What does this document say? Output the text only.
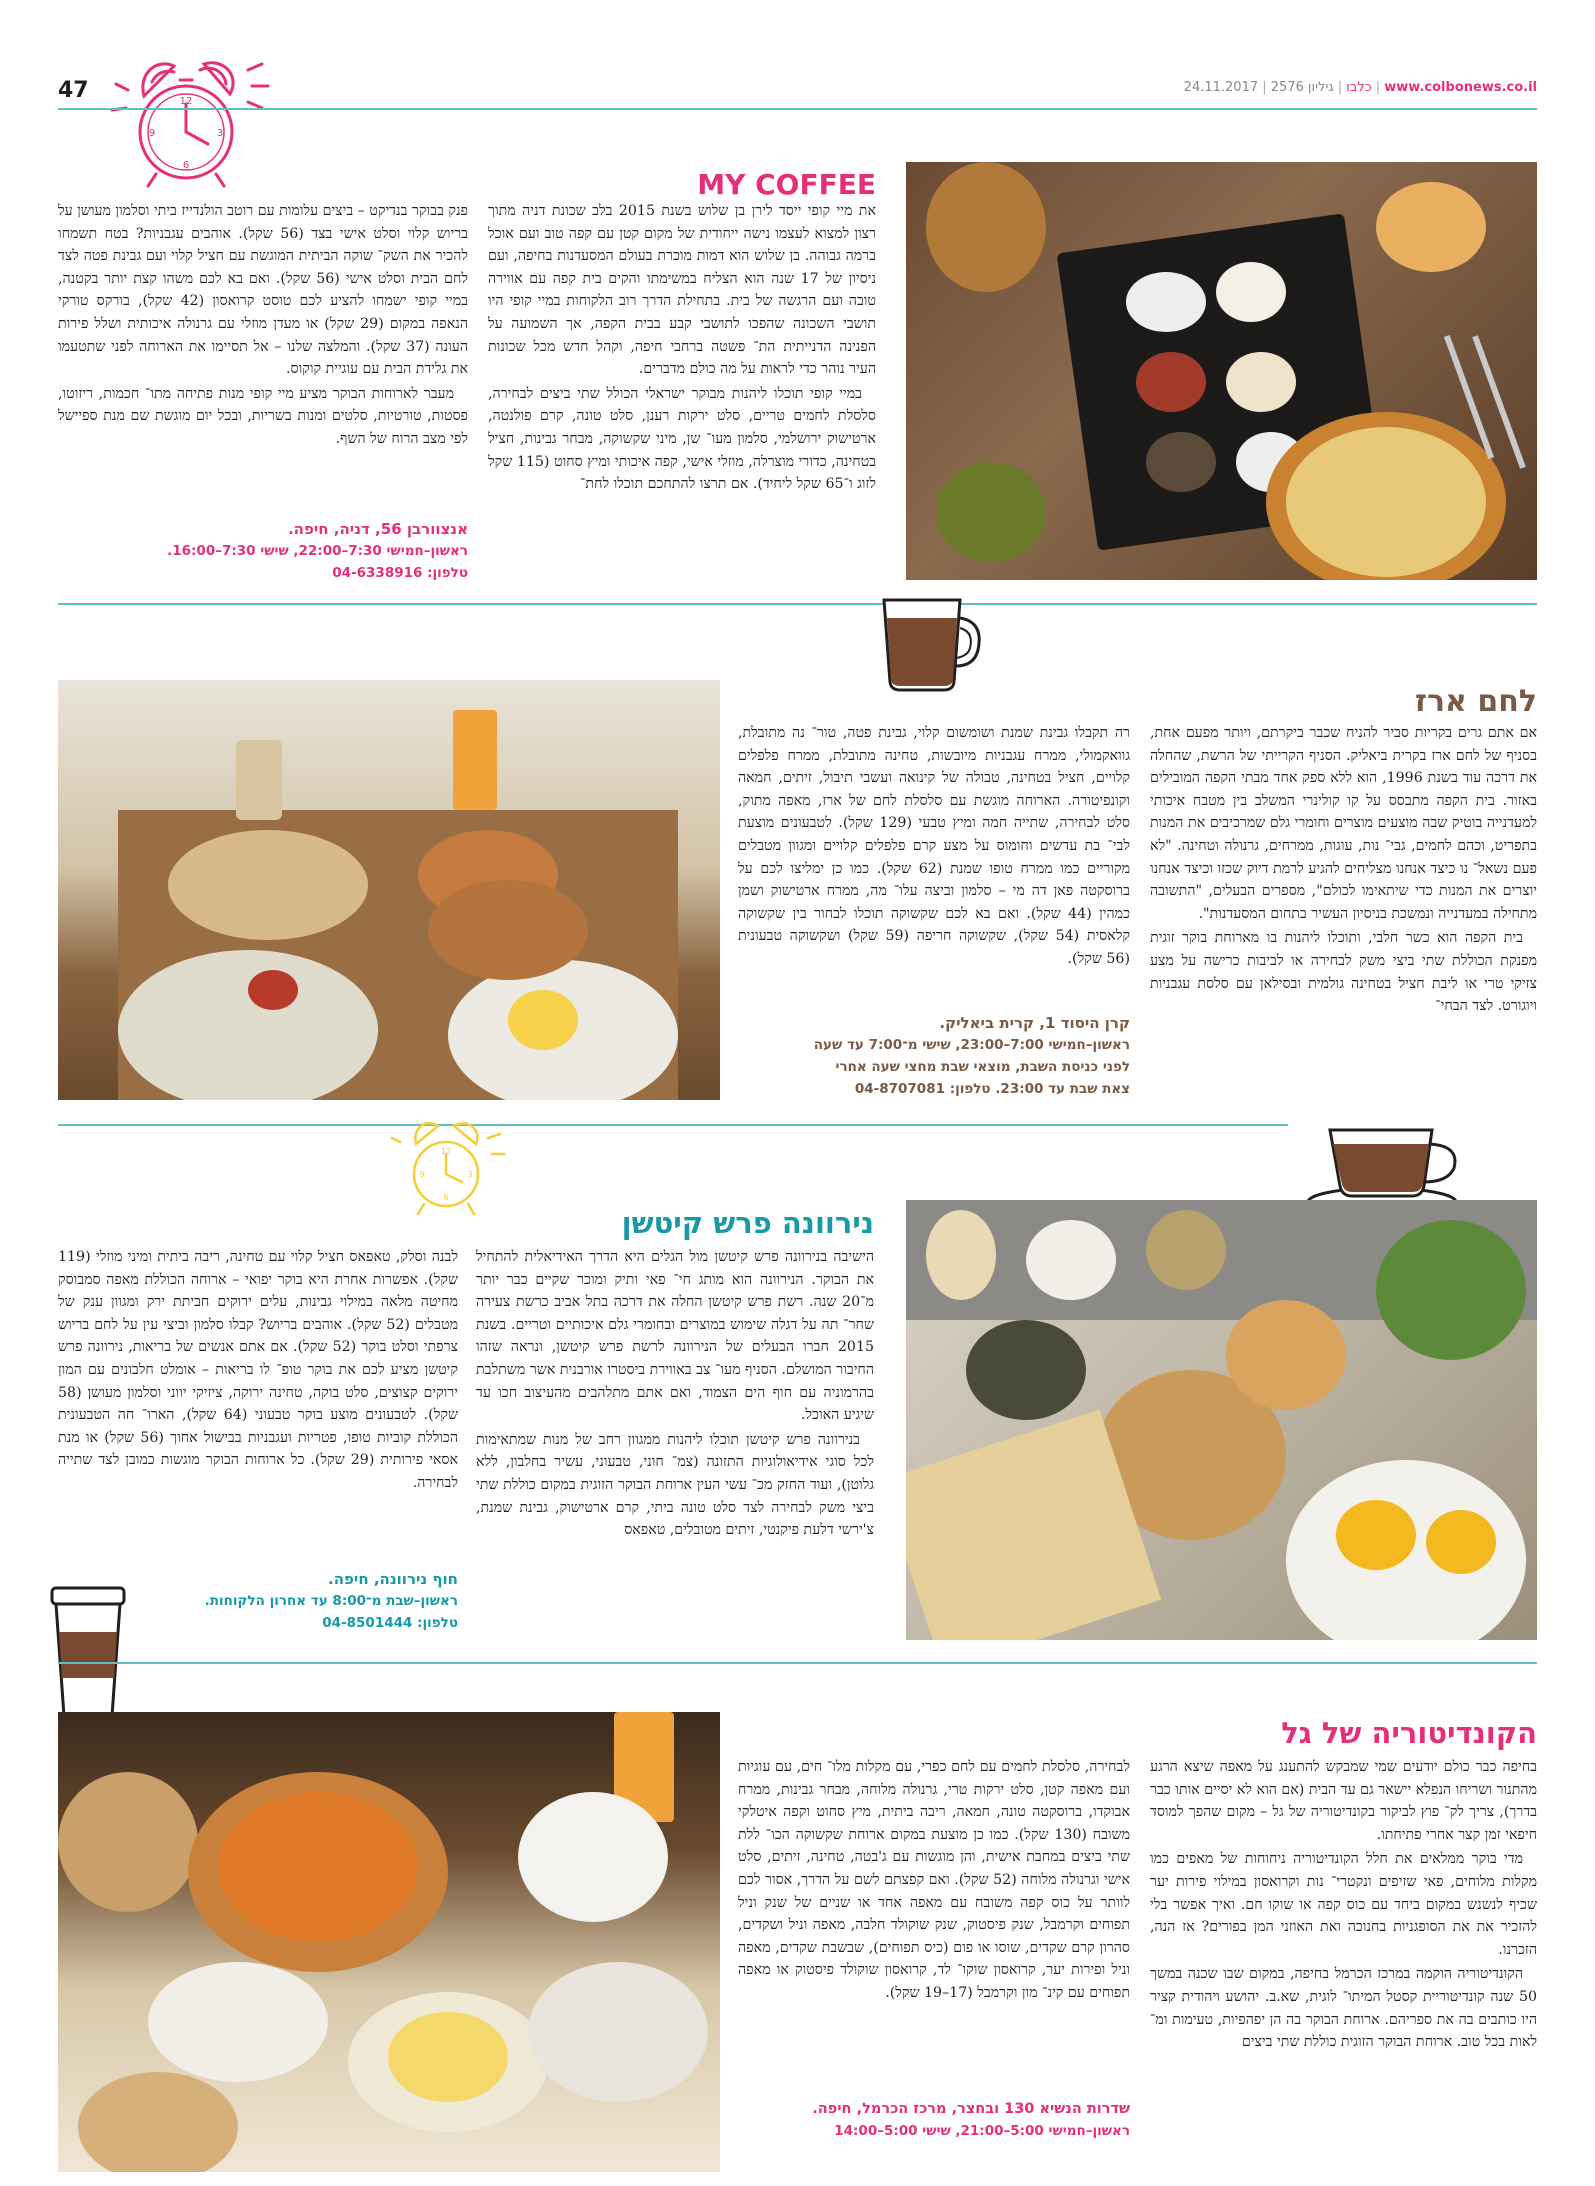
47	12
3
6
9
www.colbonews.co.il | כלבו | גיליון 2576 | 24.11.2017
MY COFFEE

את מיי קופי ייסד לירן בן שלוש בשנת 2015 בלב שכונת דניה מתוך רצון למצוא לעצמו נישה ייחודית של מקום קטן עם קפה טוב ועם אוכל ברמה גבוהה. בן שלוש הוא דמות מוכרת בעולם המסעדנות בחיפה, ועם ניסיון של 17 שנה הוא הצליח במשימתו והקים בית קפה עם אווירה טובה ועם הרגשה של בית. בתחילת הדרך רוב הלקוחות במיי קופי היו תושבי השכונה שהפכו לתושבי קבע בבית הקפה, אך השמועה על הפנינה הדנייתית הת־ פשטה ברחבי חיפה, וקהל חדש מכל שכונות העיר נוהר כדי לראות על מה כולם מדברים.

במיי קופי תוכלו ליהנות מבוקר ישראלי הכולל שתי ביצים לבחירה, סלסלת לחמים טריים, סלט ירקות רענן, סלט טונה, קרם פולנטה, ארטישוק ירושלמי, סלמון מעו־ שן, מיני שקשוקה, מבחר גבינות, חציל בטחינה, כדורי מוצרלה, מוזלי אישי, קפה איכותי ומיץ סחוט (115 שקל לזוג ו־65 שקל ליחיד). אם תרצו להתחכם תוכלו לחת־

פנק בבוקר בנדיקט – ביצים עלומות עם רוטב הולנדייז ביתי וסלמון מעושן על בריוש קלוי וסלט אישי בצד (56 שקל). אוהבים עגבניות? בטח תשמחו להכיר את השק־ שוקה הביתית המוגשת עם חציל קלוי ועם גבינת פטה לצד לחם הבית וסלט אישי (56 שקל). ואם בא לכם משהו קצת יותר בקטנה, במיי קופי ישמחו להציע לכם טוסט קרואסון (42 שקל), בורקס טורקי הנאפה במקום (29 שקל) או מעדן מוזלי עם גרנולה איכותית ושלל פירות העונה (37 שקל). והמלצה שלנו – אל תסיימו את הארוחה לפני שתטעמו את גלידת הבית עם עוגיית קוקוס.

מעבר לארוחות הבוקר מציע מיי קופי מנות פתיחה מתו־ חכמות, ריזוטו, פסטות, טורטיות, סלטים ומנות בשריות, ובכל יום מוגשת שם מנת ספיישל לפי מצב הרוח של השף.

אנצוורבן 56, דניה, חיפה.
ראשון–חמישי 7:30–22:00, שישי 7:30–16:00.
טלפון: 04-6338916
לחם ארז

אם אתם גרים בקריות סביר להניח שכבר ביקרתם, ויותר מפעם אחת, בסניף של לחם ארז בקרית ביאליק. הסניף הקרייתי של הרשת, שהחלה את דרכה עוד בשנת 1996, הוא ללא ספק אחד מבתי הקפה המובילים באזור. בית הקפה מתבסס על קו קולינרי המשלב בין מטבח איכותי למעדנייה בוטיק שבה מוצעים מוצרים וחומרי גלם שמרכיבים את המנות בתפריט, וכהם לחמים, גבי־ נות, עוגות, ממרחים, גרנולה וטחינה. "לא פעם נשאל־ נו כיצד אנחנו מצליחים להגיע לרמת דיוק שכזו וכיצד אנחנו יוצרים את המנות כדי שיתאימו לכולם", מספרים הבעלים, "התשובה מתחילה במעדנייה ונמשכת בניסיון העשיר בתחום המסעדנות".

בית הקפה הוא כשר חלבי, ותוכלו ליהנות בו מארוחת בוקר זוגית מפנקת הכוללת שתי ביצי משק לבחירה או לביבות כרישה על מצע צזיקי טרי או ליבת חציל בטחינה גולמית ובסילאן עם סלסת עגבניות ויוגורט. לצד הבחי־

רה תקבלו גבינת שמנת ושומשום קלוי, גבינת פטה, טור־ נה מתובלת, גוואקמולי, ממרח עגבניות מיובשות, טחינה מתובלת, ממרח פלפלים קלויים, חציל בטחינה, טבולה של קינואה ועשבי תיבול, זיתים, חמאה וקונפיטורה. הארוחה מוגשת עם סלסלת לחם של ארז, מאפה מתוק, סלט לבחירה, שתייה חמה ומיץ טבעי (129 שקל). לטבעונים מוצעת לבי־ בת עדשים וחומוס על מצע קרם פלפלים קלויים ומגוון מטבלים מקוריים כמו ממרח טופו שמנת (62 שקל). כמו כן ימליצו לכם על ברוסקטה פאן דה מי – סלמון וביצה עלו־ מה, ממרח ארטישוק ושמן כמהין (44 שקל). ואם בא לכם שקשוקה תוכלו לבחור בין שקשוקה קלאסית (54 שקל), שקשוקה חריפה (59 שקל) ושקשוקה טבעונית (56 שקל).

קרן היסוד 1, קרית ביאליק.
ראשון–חמישי 7:00–23:00, שישי מ־7:00 עד שעה
לפני כניסת השבת, מוצאי שבת מחצי שעה אחרי
צאת שבת עד 23:00. טלפון: 04-8707081
12
3
6
9
נירוונה פרש קיטשן

הישיבה בנירוונה פרש קיטשן מול הגלים היא הדרך האידיאלית להתחיל את הבוקר. הנירוונה הוא מותג חי־ פאי ותיק ומוכר שקיים כבר יותר מ־20 שנה. רשת פרש קיטשן החלה את דרכה בתל אביב כרשת צעירה שחר־ תה על דגלה שימוש במוצרים ובחומרי גלם איכותיים וטריים. בשנת 2015 חברו הבעלים של הנירוונה לרשת פרש קיטשן, ונראה שזהו החיבור המושלם. הסניף מעו־ צב באווירת ביסטרו אורבנית אשר משתלבת בהרמוניה עם חוף הים הצמוד, ואם אתם מתלהבים מהעיצוב חכו עד שיגיע האוכל.

בנירוונה פרש קיטשן תוכלו ליהנות ממגוון רחב של מנות שמתאימות לכל סוגי אידיאולוגיות התזונה (צמ־ חוני, טבעוני, עשיר בחלבון, ללא גלוטן), ועוד החזק מכ־ עשי העין ארוחת הבוקר הזוגית במקום כוללת שתי ביצי משק לבחירה לצד סלט טונה ביתי, קרם ארטישוק, גבינת שמנת, צ'ירשי דלעת פיקנטי, זיתים מטובלים, טאפאס

לבנה וסלק, טאפאס חציל קלוי עם טחינה, ריבה ביתית ומיני מוזלי (119 שקל). אפשרות אחרת היא בוקר יפואי – ארוחה הכוללת מאפה סמבוסק מחיטה מלאה במילוי גבינות, עלים ירוקים חביתת ירק ומגוון ענק של מטבלים (52 שקל). אוהבים בריוש? קבלו סלמון וביצי עין על לחם בריוש צרפתי וסלט בוקר (52 שקל). אם אתם אנשים של בריאות, נירוונה פרש קיטשן מציע לכם את בוקר טופ־ לו בריאות – אומלט חלבונים עם המון ירוקים קצוצים, סלט בוקה, טחינה ירוקה, ציזיקי יווני וסלמון מעושן (58 שקל). לטבעונים מוצע בוקר טבעוני (64 שקל), הארו־ חה הטבעונית הכוללת קוביות טופו, פטריות ועגבניות בבישול אחוך (56 שקל) או מנת אסאי פירותית (29 שקל). כל ארוחות הבוקר מוגשות כמובן לצד שתייה לבחירה.

חוף נירוונה, חיפה.
ראשון–שבת מ־8:00 עד אחרון הלקוחות.
טלפון: 04-8501444
הקונדיטוריה של גל

בחיפה כבר כולם יודעים שמי שמבקש להתענג על מאפה שיצא הרגע מהתנור ושריחו הנפלא יישאר גם עד הבית (אם הוא לא יסיים אותו כבר בדרך), צריך לק־ פוץ לביקור בקונדיטוריה של גל – מקום שהפך למוסד חיפאי זמן קצר אחרי פתיחתו.

מדי בוקר ממלאים את חלל הקונדיטוריה ניחוחות של מאפים כמו מקלות מלוחים, פאי שזיפים ונקטרי־ נות וקרואסון במילוי פירות יער שכיף לנשנש במקום ביחד עם כוס קפה או שוקו חם. ואיך אפשר בלי להזכיר את את הסופגניות בחנוכה ואת האוזני המן בפורים? אז הנה, הזכרנו.

הקונדיטוריה הוקמה במרכז הכרמל בחיפה, במקום שבו שכנה במשך 50 שנה קונדיטוריית קסטל המיתו־ לוגית, שא.ב. יהושע ויהודית קציר היו כותבים בה את ספריהם. ארוחת הבוקר בה הן יפהפיות, טעימות ומ־ לאות בכל טוב. ארוחת הבוקר הזוגית כוללת שתי ביצים

לבחירה, סלסלת לחמים עם לחם כפרי, עם מקלות מלו־ חים, עם עוגיות ועם מאפה קטן, סלט ירקות טרי, גרנולה מלוחה, מבחר גבינות, ממרח אבוקדו, ברוסקטה טונה, חמאה, ריבה ביתית, מיץ סחוט וקפה איטלקי משובח (130 שקל). כמו כן מוצעת במקום ארוחת שקשוקה הכו־ ללת שתי ביצים במחבת אישית, והן מוגשות עם ג'בטה, טחינה, זיתים, סלט אישי וגרנולה מלוחה (52 שקל). ואם קפצתם לשם על הדרך, אסור לכם לוותר על כוס קפה משובח עם מאפה אחד או שניים של שנק וניל תפוחים וקרמבל, שנק פיסטוק, שנק שוקולד חלבה, מאפה וניל ושקדים, סהרון קרם שקדים, שוסו או פום (כיס תפוחים), שבשבת שקדים, מאפה וניל ופירות יער, קרואסון שוקו־ לד, קרואסון שוקולד פיסטוק או מאפה תפוחים עם קינ־ מון וקרמבל (17–19 שקל).

שדרות הנשיא 130 ובחצר, מרכז הכרמל, חיפה.
ראשון–חמישי 5:00–21:00, שישי 5:00–14:00
